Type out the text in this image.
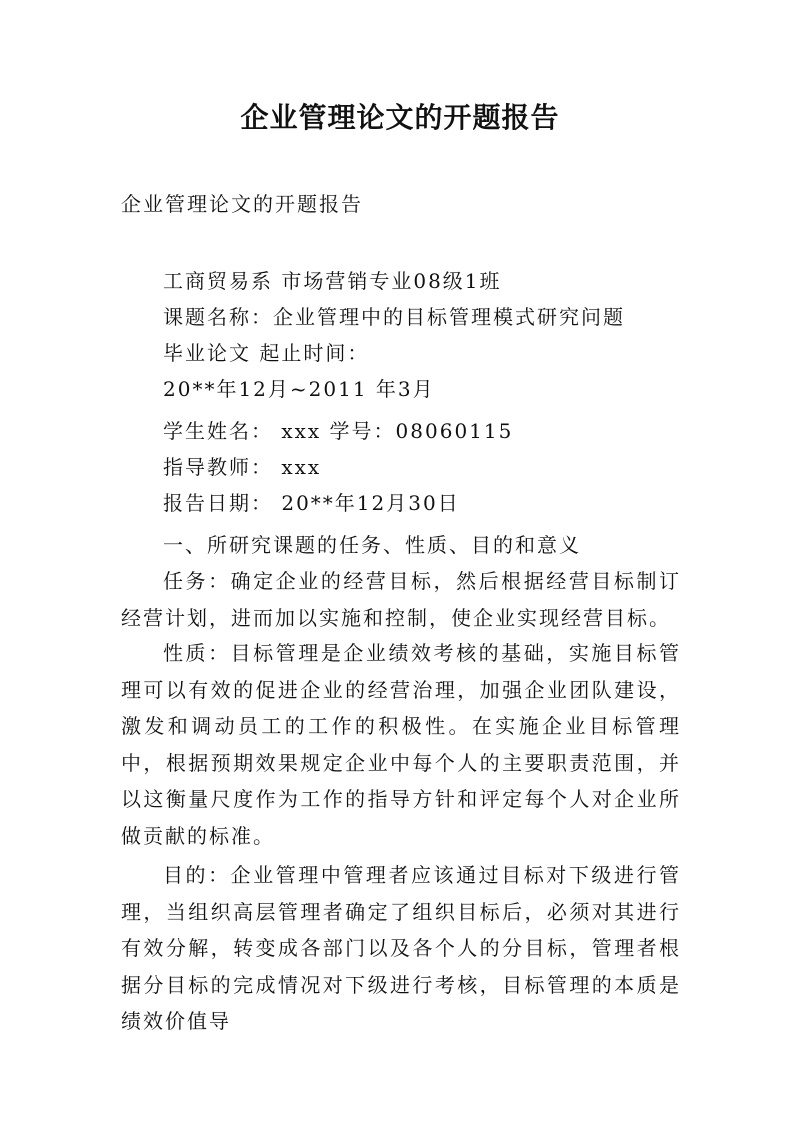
企业管理论文的开题报告
企业管理论文的开题报告
工商贸易系 市场营销专业08级1班
课题名称：企业管理中的目标管理模式研究问题
毕业论文 起止时间：
20**年12月~2011 年3月
学生姓名： xxx 学号：08060115
指导教师： xxx
报告日期： 20**年12月30日
一、所研究课题的任务、性质、目的和意义
任务：确定企业的经营目标，然后根据经营目标制订经营计划，进而加以实施和控制，使企业实现经营目标。
性质：目标管理是企业绩效考核的基础，实施目标管理可以有效的促进企业的经营治理，加强企业团队建设，激发和调动员工的工作的积极性。在实施企业目标管理中，根据预期效果规定企业中每个人的主要职责范围，并以这衡量尺度作为工作的指导方针和评定每个人对企业所做贡献的标准。
目的：企业管理中管理者应该通过目标对下级进行管理，当组织高层管理者确定了组织目标后，必须对其进行有效分解，转变成各部门以及各个人的分目标，管理者根据分目标的完成情况对下级进行考核，目标管理的本质是绩效价值导
